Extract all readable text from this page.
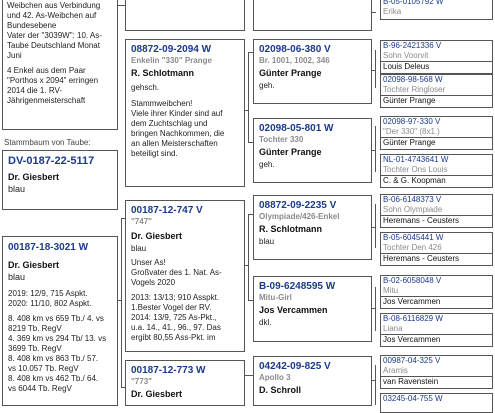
Weibchen aus Verbindung
und 42. As-Weibchen auf
Bundesebene
Vater der "3039W": 10. As-
Taube Deutschland Monat
Juni
4 Enkel aus dem Paar
"Porthos x 2094" erringen
2014 die 1. RV-
Jährigenmeisterschaft
Stammbaum von Taube:
DV-0187-22-5117
Dr. Giesbert
blau
00187-18-3021 W
Dr. Giesbert
blau
2019: 12/9, 715 Aspkt.
2020: 11/10, 802 Aspkt.
8. 408 km vs 659 Tb./ 4. vs
8219 Tb. RegV
4. 369 km vs 294 Tb/ 13. vs
3699 Tb. RegV
8. 408 km vs 863 Tb./ 57.
vs 10.057 Tb. RegV
8. 408 km vs 462 Tb./ 64.
vs 6044 Tb. RegV
08872-09-2094 W
Enkelin "330" Prange
R. Schlotmann
gehsch.
Stammweibchen!
Viele ihrer Kinder sind auf
dem Zuchtschlag und
bringen Nachkommen, die
an allen Meisterschaften
beteiligt sind.
00187-12-747 V
"747"
Dr. Giesbert
blau
Unser As!
Großvater des 1. Nat. As-
Vogels 2020
2013: 13/13; 910 Asspkt.
1.Bester Vogel der RV.
2014: 13/9, 725 As-Pkt.,
u.a. 14., 41., 96., 97. Das
ergibt 80,55 Ass-Pkt. im
00187-12-773 W
"773"
Dr. Giesbert
02098-06-380 V
Br. 1001, 1002, 346
Günter Prange
geh.
02098-05-801 W
Tochter 330
Günter Prange
geh.
08872-09-2235 V
Olympiade/426-Enkel
R. Schlotmann
blau
B-09-6248595 W
Mitu-Girl
Jos Vercammen
dkl.
04242-09-825 V
Apollo 3
D. Schroll
B-05-0105792 W
Erika
B-96-2421336 V
Sohn Voorvit
Louis Deleus
02098-98-568 W
Tochter Ringloser
Günter Prange
02098-97-330 V
"Der 330" (8x1.)
Günter Prange
NL-01-4743641 W
Tochter Ons Louis
C. & G. Koopman
B-06-6148373 V
Sohn Olympiade
Heremans - Ceusters
B-05-6045441 W
Tochter Den 426
Heremans - Ceusters
B-02-6058048 V
Mitu
Jos Vercammen
B-08-6116829 W
Liana
Jos Vercammen
00987-04-325 V
Aramis
van Ravenstein
03245-04-755 W
